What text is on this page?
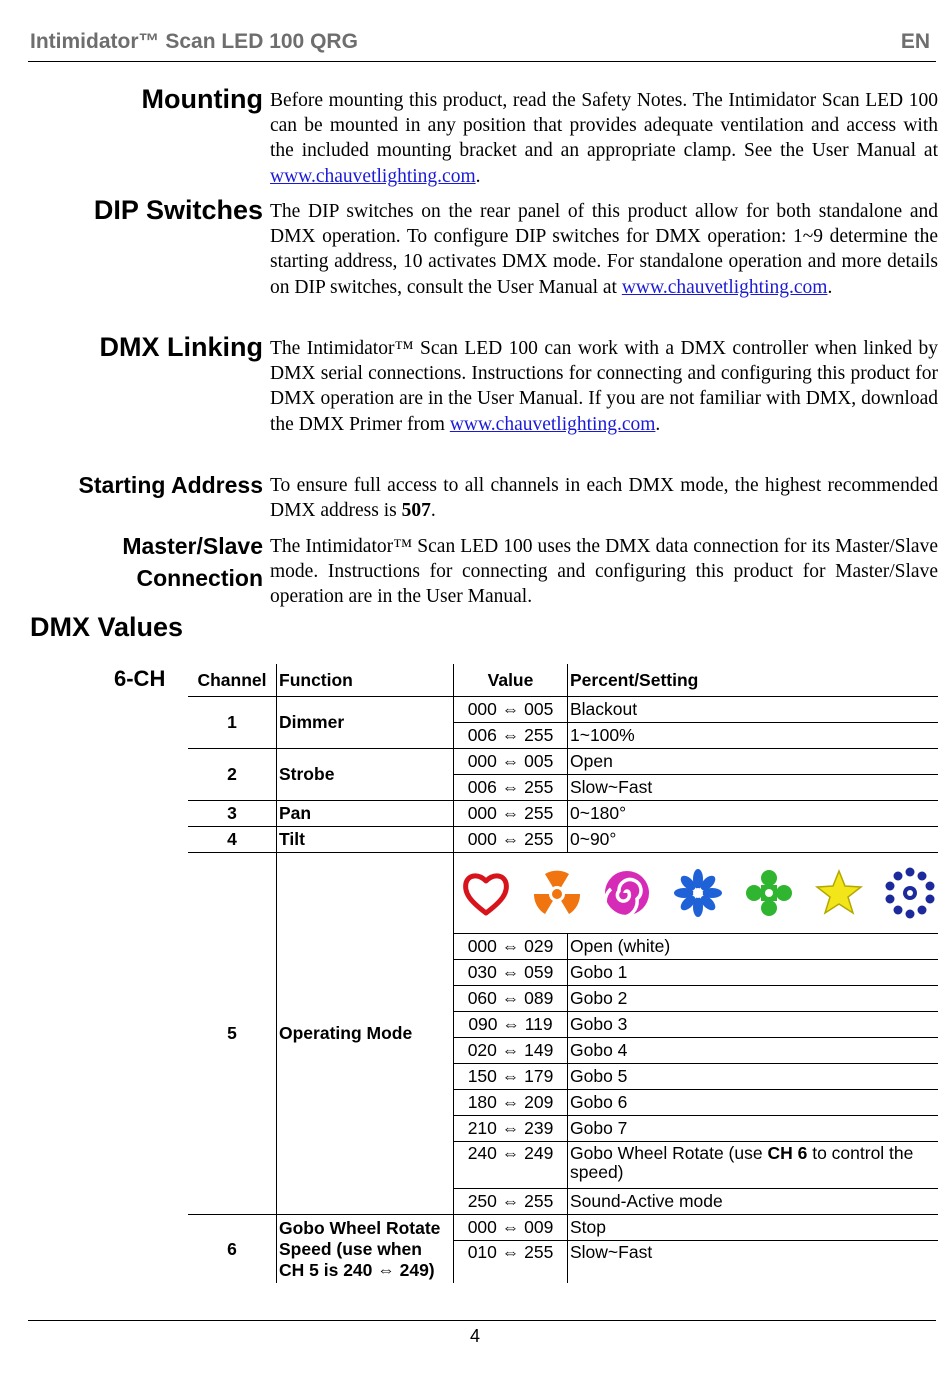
Intimidator™ Scan LED 100 QRG	EN
Mounting Before mounting this product, read the Safety Notes. The Intimidator Scan LED 100 can be mounted in any position that provides adequate ventilation and access with the included mounting bracket and an appropriate clamp. See the User Manual at www.chauvetlighting.com.
DIP Switches The DIP switches on the rear panel of this product allow for both standalone and DMX operation. To configure DIP switches for DMX operation: 1~9 determine the starting address, 10 activates DMX mode. For standalone operation and more details on DIP switches, consult the User Manual at www.chauvetlighting.com.
DMX Linking The Intimidator™ Scan LED 100 can work with a DMX controller when linked by DMX serial connections. Instructions for connecting and configuring this product for DMX operation are in the User Manual. If you are not familiar with DMX, download the DMX Primer from www.chauvetlighting.com.
Starting Address To ensure full access to all channels in each DMX mode, the highest recommended DMX address is 507.
Master/Slave
Connection
The Intimidator™ Scan LED 100 uses the DMX data connection for its Master/Slave mode. Instructions for connecting and configuring this product for Master/Slave operation are in the User Manual.
DMX Values
6-CH Channel	Function	Value	Percent/Setting
1	Dimmer	000 ⇔ 005	Blackout
		006 ⇔ 255	1~100%
2	Strobe	000 ⇔ 005	Open
		006 ⇔ 255	Slow~Fast
3	Pan	000 ⇔ 255	0~180°
4	Tilt	000 ⇔ 255	0~90°
5	Operating Mode	

		000 ⇔ 029	Open (white)
		030 ⇔ 059	Gobo 1
		060 ⇔ 089	Gobo 2
		090 ⇔ 119	Gobo 3
		020 ⇔ 149	Gobo 4
		150 ⇔ 179	Gobo 5
		180 ⇔ 209	Gobo 6
		210 ⇔ 239	Gobo 7
		240 ⇔ 249	Gobo Wheel Rotate (use CH 6 to control the speed)
		250 ⇔ 255	Sound-Active mode
6	Gobo Wheel Rotate Speed (use when CH 5 is 240 ⇔ 249)	000 ⇔ 009	Stop
		010 ⇔ 255	Slow~Fast
4
